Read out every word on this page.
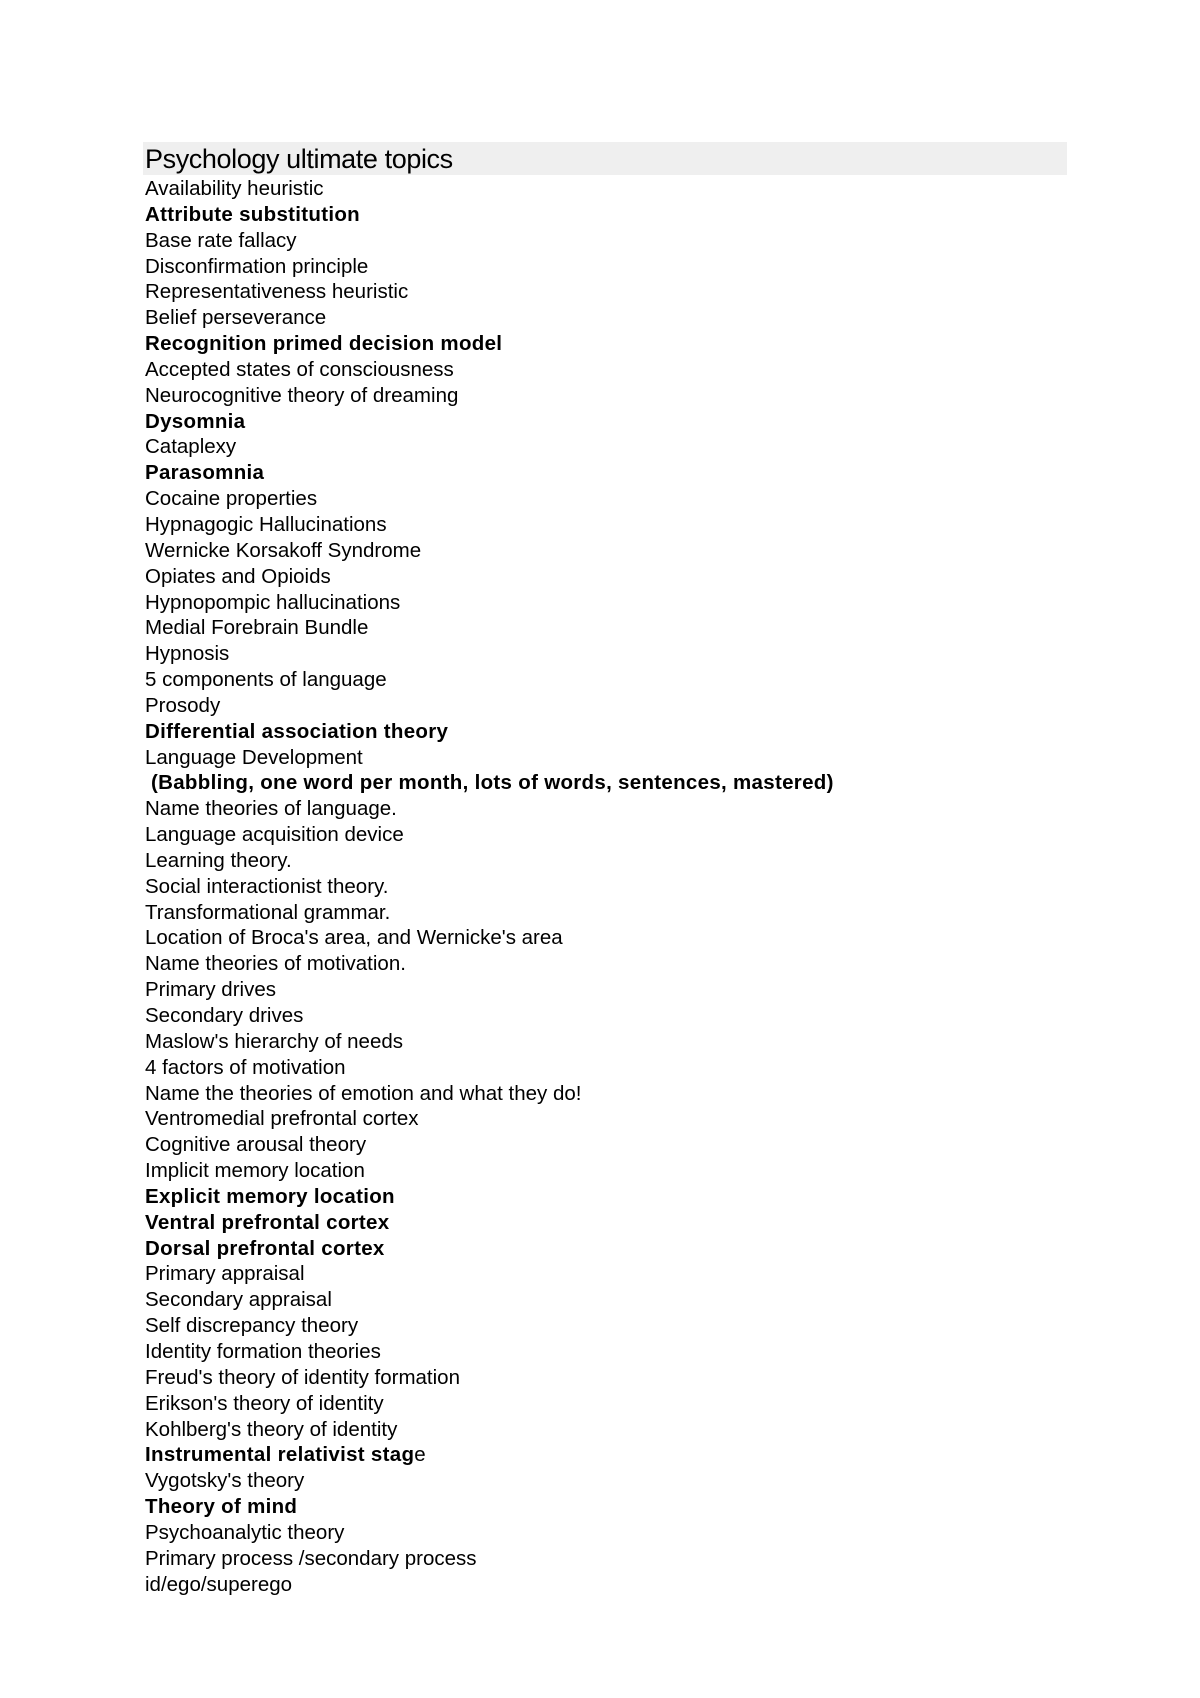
Psychology ultimate topics
Availability heuristic
Attribute substitution
Base rate fallacy
Disconfirmation principle
Representativeness heuristic
Belief perseverance
Recognition primed decision model
Accepted states of consciousness
Neurocognitive theory of dreaming
Dysomnia
Cataplexy
Parasomnia
Cocaine properties
Hypnagogic Hallucinations
Wernicke Korsakoff Syndrome
Opiates and Opioids
Hypnopompic hallucinations
Medial Forebrain Bundle
Hypnosis
5 components of language
Prosody
Differential association theory
Language Development
(Babbling, one word per month, lots of words, sentences, mastered)
Name theories of language.
Language acquisition device
Learning theory.
Social interactionist theory.
Transformational grammar.
Location of Broca's area, and Wernicke's area
Name theories of motivation.
Primary drives
Secondary drives
Maslow's hierarchy of needs
4 factors of motivation
Name the theories of emotion and what they do!
Ventromedial prefrontal cortex
Cognitive arousal theory
Implicit memory location
Explicit memory location
Ventral prefrontal cortex
Dorsal prefrontal cortex
Primary appraisal
Secondary appraisal
Self discrepancy theory
Identity formation theories
Freud's theory of identity formation
Erikson's theory of identity
Kohlberg's theory of identity
Instrumental relativist stage
Vygotsky's theory
Theory of mind
Psychoanalytic theory
Primary process /secondary process
id/ego/superego
